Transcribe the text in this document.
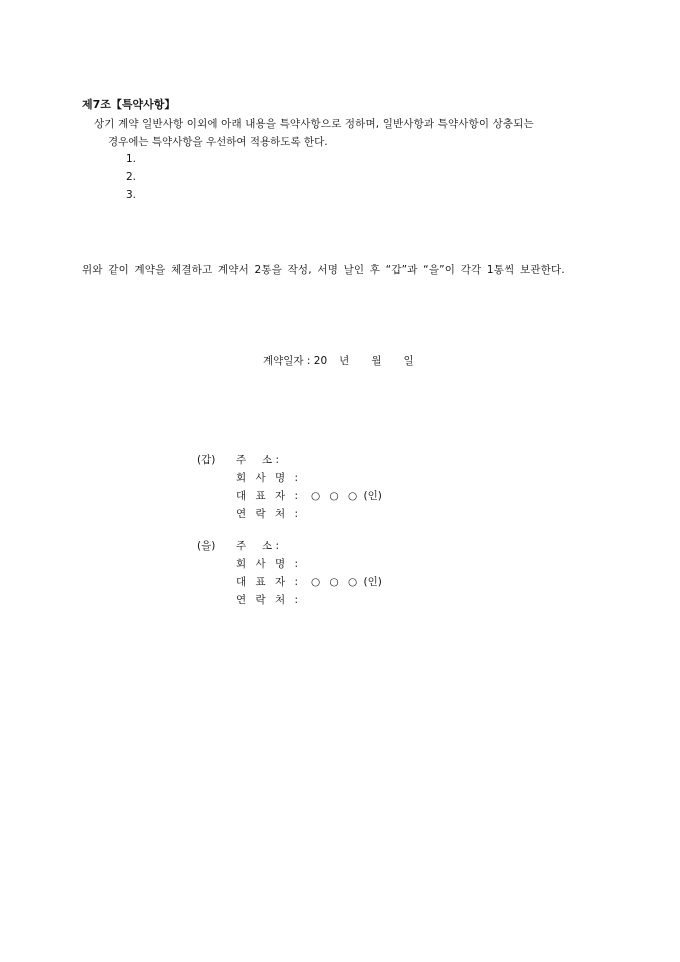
제7조【특약사항】
상기 계약 일반사항 이외에 아래 내용을 특약사항으로 정하며, 일반사항과 특약사항이 상충되는
경우에는 특약사항을 우선하여 적용하도록 한다.
1.
2.
3.
위와 같이 계약을 체결하고 계약서 2통을 작성, 서명 날인 후 “갑”과 “을”이 각각 1통씩 보관한다.
계약일자 : 20 년 월 일
(갑) 주 소 :
회 사 명 :
대 표 자 : ○ ○ ○ (인)
연 락 처 :
(을) 주 소 :
회 사 명 :
대 표 자 : ○ ○ ○ (인)
연 락 처 :
